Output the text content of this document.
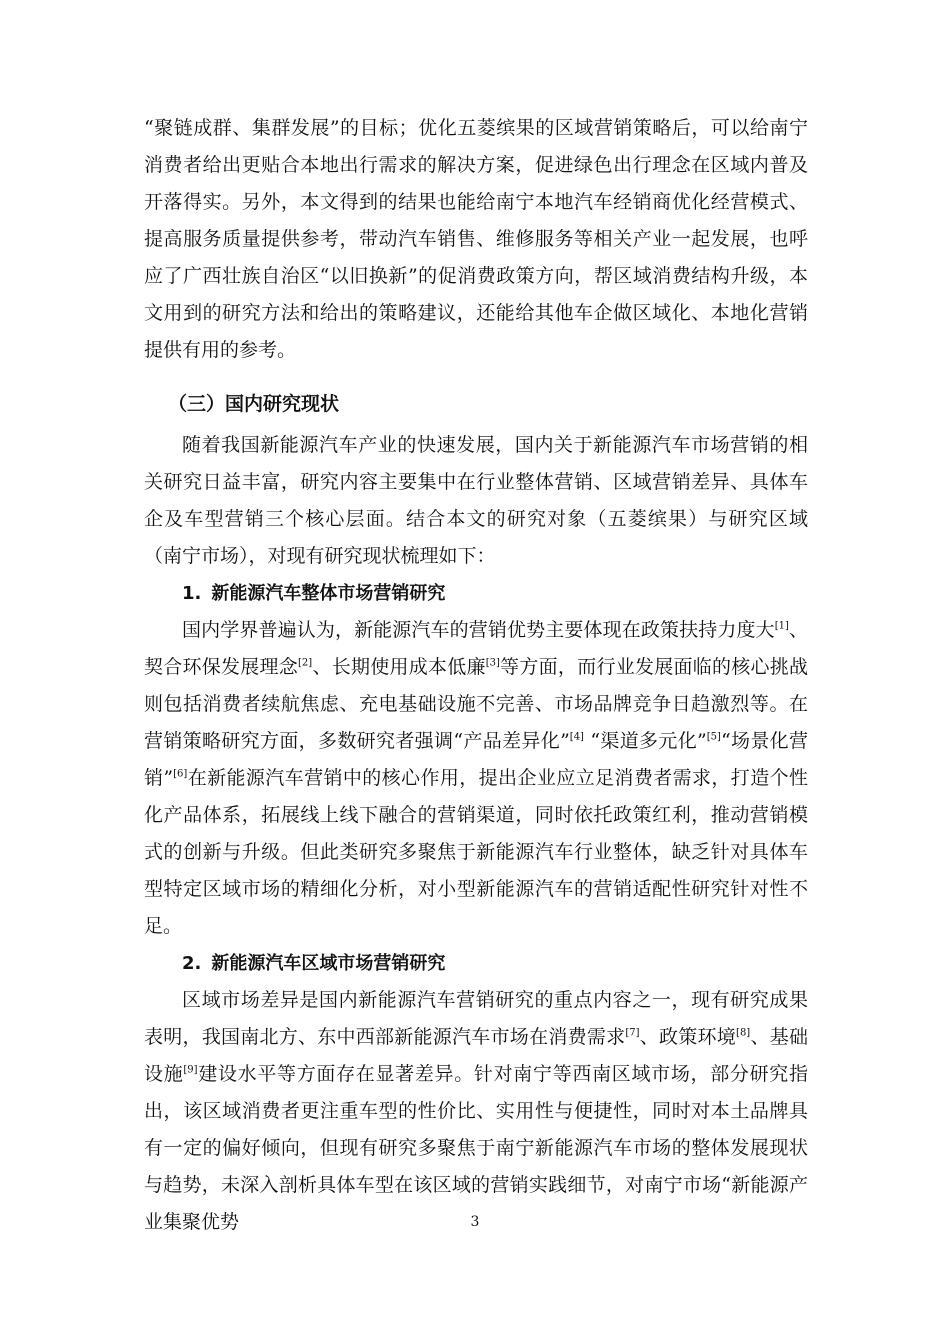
“聚链成群、集群发展”的目标；优化五菱缤果的区域营销策略后，可以给南宁消费者给出更贴合本地出行需求的解决方案，促进绿色出行理念在区域内普及开落得实。另外，本文得到的结果也能给南宁本地汽车经销商优化经营模式、提高服务质量提供参考，带动汽车销售、维修服务等相关产业一起发展，也呼应了广西壮族自治区“以旧换新”的促消费政策方向，帮区域消费结构升级，本文用到的研究方法和给出的策略建议，还能给其他车企做区域化、本地化营销提供有用的参考。

（三）国内研究现状

随着我国新能源汽车产业的快速发展，国内关于新能源汽车市场营销的相关研究日益丰富，研究内容主要集中在行业整体营销、区域营销差异、具体车企及车型营销三个核心层面。结合本文的研究对象（五菱缤果）与研究区域（南宁市场），对现有研究现状梳理如下：

1. 新能源汽车整体市场营销研究

国内学界普遍认为，新能源汽车的营销优势主要体现在政策扶持力度大[1]、契合环保发展理念[2]、长期使用成本低廉[3]等方面，而行业发展面临的核心挑战则包括消费者续航焦虑、充电基础设施不完善、市场品牌竞争日趋激烈等。在营销策略研究方面，多数研究者强调“产品差异化”[4] “渠道多元化”[5]“场景化营销”[6]在新能源汽车营销中的核心作用，提出企业应立足消费者需求，打造个性化产品体系，拓展线上线下融合的营销渠道，同时依托政策红利，推动营销模式的创新与升级。但此类研究多聚焦于新能源汽车行业整体，缺乏针对具体车型特定区域市场的精细化分析，对小型新能源汽车的营销适配性研究针对性不足。

2. 新能源汽车区域市场营销研究

区域市场差异是国内新能源汽车营销研究的重点内容之一，现有研究成果表明，我国南北方、东中西部新能源汽车市场在消费需求[7]、政策环境[8]、基础设施[9]建设水平等方面存在显著差异。针对南宁等西南区域市场，部分研究指出，该区域消费者更注重车型的性价比、实用性与便捷性，同时对本土品牌具有一定的偏好倾向，但现有研究多聚焦于南宁新能源汽车市场的整体发展现状与趋势，未深入剖析具体车型在该区域的营销实践细节，对南宁市场“新能源产业集聚优势	3
